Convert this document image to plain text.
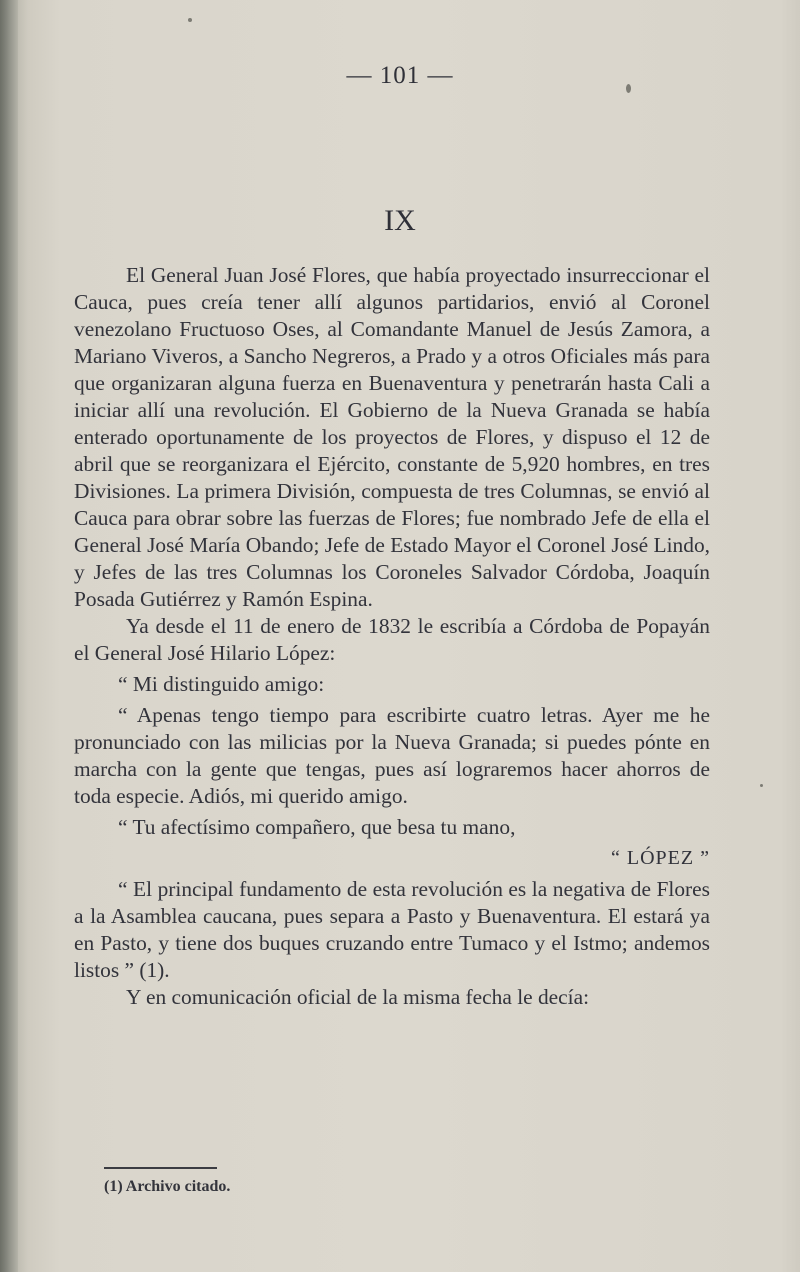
— 101 —
IX

El General Juan José Flores, que había proyectado insurreccionar el Cauca, pues creía tener allí algunos partidarios, envió al Coronel venezolano Fructuoso Oses, al Comandante Manuel de Jesús Zamora, a Mariano Viveros, a Sancho Negreros, a Prado y a otros Oficiales más para que organizaran alguna fuerza en Buenaventura y penetrarán hasta Cali a iniciar allí una revolución. El Gobierno de la Nueva Granada se había enterado oportunamente de los proyectos de Flores, y dispuso el 12 de abril que se reorganizara el Ejército, constante de 5,920 hombres, en tres Divisiones. La primera División, compuesta de tres Columnas, se envió al Cauca para obrar sobre las fuerzas de Flores; fue nombrado Jefe de ella el General José María Obando; Jefe de Estado Mayor el Coronel José Lindo, y Jefes de las tres Columnas los Coroneles Salvador Córdoba, Joaquín Posada Gutiérrez y Ramón Espina.

Ya desde el 11 de enero de 1832 le escribía a Córdoba de Popayán el General José Hilario López:

“ Mi distinguido amigo:

“ Apenas tengo tiempo para escribirte cuatro letras. Ayer me he pronunciado con las milicias por la Nueva Granada; si puedes pónte en marcha con la gente que tengas, pues así lograremos hacer ahorros de toda especie. Adiós, mi querido amigo.

“ Tu afectísimo compañero, que besa tu mano,

“ LÓPEZ ”

“ El principal fundamento de esta revolución es la negativa de Flores a la Asamblea caucana, pues separa a Pasto y Buenaventura. El estará ya en Pasto, y tiene dos buques cruzando entre Tumaco y el Istmo; andemos listos ” (1).

Y en comunicación oficial de la misma fecha le decía:

(1) Archivo citado.
